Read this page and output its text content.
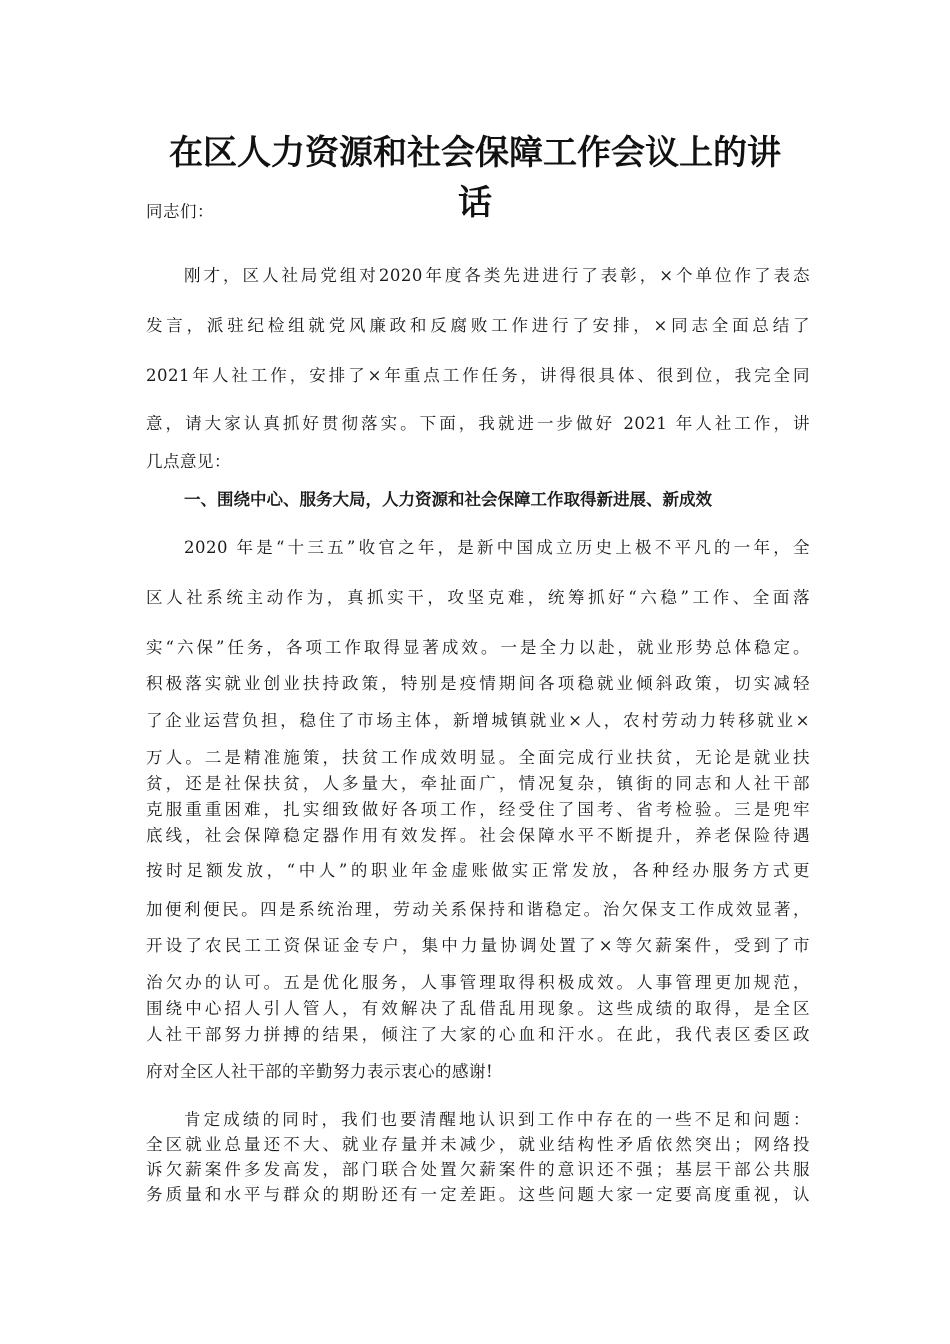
在区人力资源和社会保障工作会议上的讲
话
同志们：
刚才，区人社局党组对2020年度各类先进进行了表彰，×个单位作了表态
发言，派驻纪检组就党风廉政和反腐败工作进行了安排，×同志全面总结了
2021年人社工作，安排了×年重点工作任务，讲得很具体、很到位，我完全同
意，请大家认真抓好贯彻落实。下面，我就进一步做好 2021 年人社工作，讲
几点意见：
一、围绕中心、服务大局，人力资源和社会保障工作取得新进展、新成效
2020 年是“十三五”收官之年，是新中国成立历史上极不平凡的一年，全
区人社系统主动作为，真抓实干，攻坚克难，统筹抓好“六稳”工作、全面落
实“六保”任务，各项工作取得显著成效。一是全力以赴，就业形势总体稳定。
积极落实就业创业扶持政策，特别是疫情期间各项稳就业倾斜政策，切实减轻
了企业运营负担，稳住了市场主体，新增城镇就业×人，农村劳动力转移就业×
万人。二是精准施策，扶贫工作成效明显。全面完成行业扶贫，无论是就业扶
贫，还是社保扶贫，人多量大，牵扯面广，情况复杂，镇街的同志和人社干部
克服重重困难，扎实细致做好各项工作，经受住了国考、省考检验。三是兜牢
底线，社会保障稳定器作用有效发挥。社会保障水平不断提升，养老保险待遇
按时足额发放，“中人”的职业年金虚账做实正常发放，各种经办服务方式更
加便利便民。四是系统治理，劳动关系保持和谐稳定。治欠保支工作成效显著，
开设了农民工工资保证金专户，集中力量协调处置了×等欠薪案件，受到了市
治欠办的认可。五是优化服务，人事管理取得积极成效。人事管理更加规范，
围绕中心招人引人管人，有效解决了乱借乱用现象。这些成绩的取得，是全区
人社干部努力拼搏的结果，倾注了大家的心血和汗水。在此，我代表区委区政
府对全区人社干部的辛勤努力表示衷心的感谢!
肯定成绩的同时，我们也要清醒地认识到工作中存在的一些不足和问题：
全区就业总量还不大、就业存量并未减少，就业结构性矛盾依然突出；网络投
诉欠薪案件多发高发，部门联合处置欠薪案件的意识还不强；基层干部公共服
务质量和水平与群众的期盼还有一定差距。这些问题大家一定要高度重视，认
